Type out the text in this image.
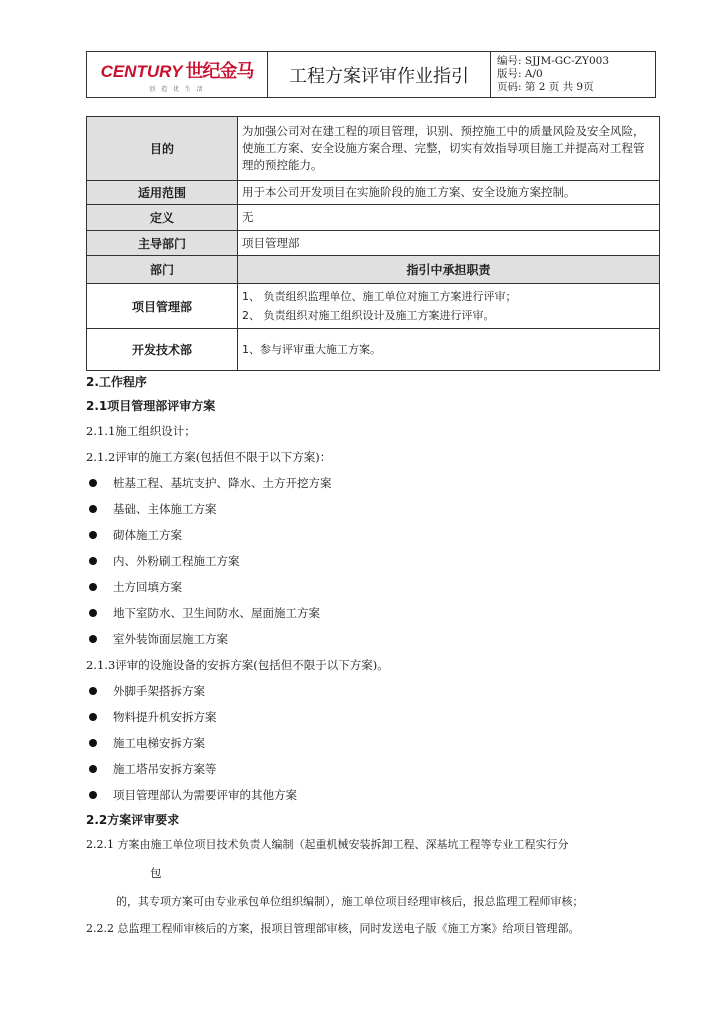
CENTURY 世纪金马
创 造 优 生 活
工程方案评审作业指引
编号: SJJM-GC-ZY003
版号: A/0
页码: 第 2 页 共 9页
目的	为加强公司对在建工程的项目管理，识别、预控施工中的质量风险及安全风险，使施工方案、安全设施方案合理、完整，切实有效指导项目施工并提高对工程管理的预控能力。
适用范围	用于本公司开发项目在实施阶段的施工方案、安全设施方案控制。
定义	无
主导部门	项目管理部
部门	指引中承担职责
项目管理部	1、 负责组织监理单位、施工单位对施工方案进行评审；
2、 负责组织对施工组织设计及施工方案进行评审。

开发技术部	1、参与评审重大施工方案。
2.工作程序
2.1项目管理部评审方案
2.1.1施工组织设计；
2.1.2评审的施工方案(包括但不限于以下方案)：
桩基工程、基坑支护、降水、土方开挖方案
基础、主体施工方案
砌体施工方案
内、外粉刷工程施工方案
土方回填方案
地下室防水、卫生间防水、屋面施工方案
室外装饰面层施工方案
2.1.3评审的设施设备的安拆方案(包括但不限于以下方案)。
外脚手架搭拆方案
物料提升机安拆方案
施工电梯安拆方案
施工塔吊安拆方案等
项目管理部认为需要评审的其他方案
2.2方案评审要求
2.2.1 方案由施工单位项目技术负责人编制（起重机械安装拆卸工程、深基坑工程等专业工程实行分
包
的，其专项方案可由专业承包单位组织编制），施工单位项目经理审核后，报总监理工程师审核；
2.2.2 总监理工程师审核后的方案，报项目管理部审核，同时发送电子版《施工方案》给项目管理部。
